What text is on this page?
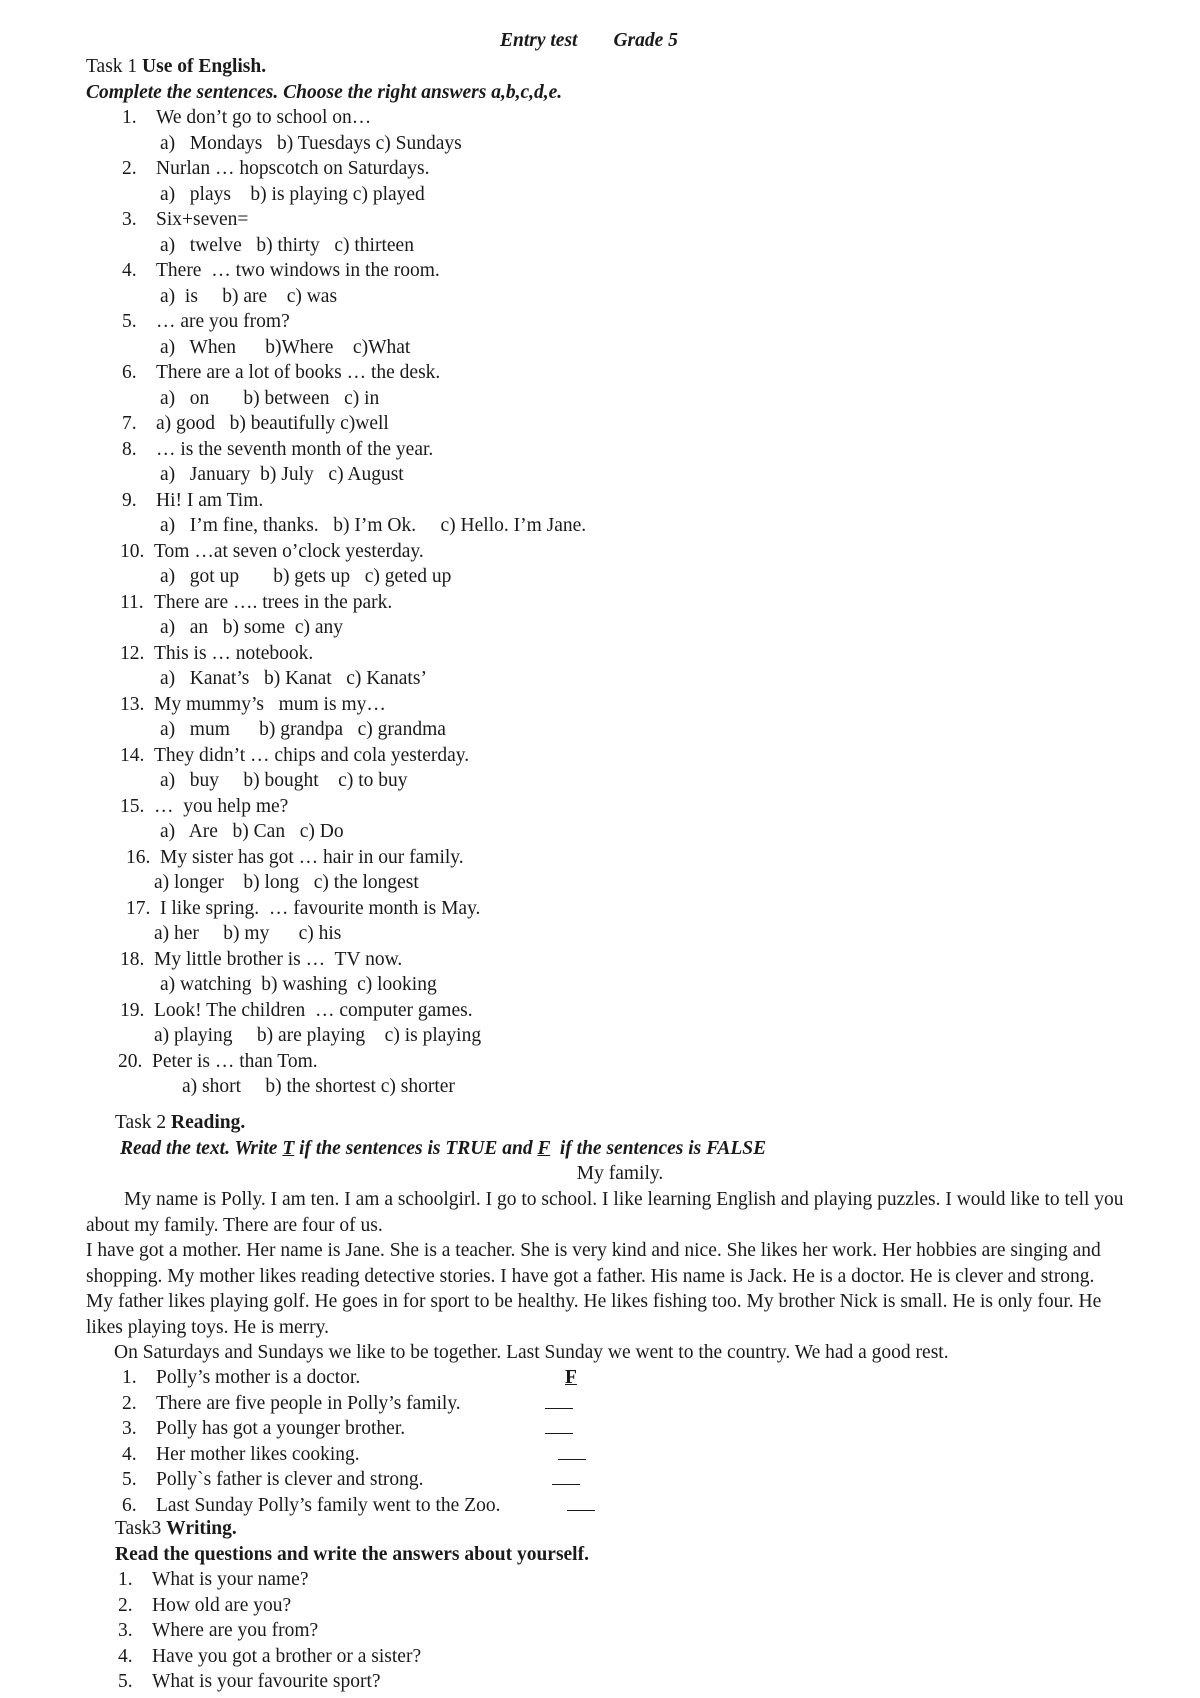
Entry test Grade 5
Task 1 Use of English.
Complete the sentences. Choose the right answers a,b,c,d,e.
1. We don’t go to school on…
a)   Mondays   b) Tuesdays c) Sundays
2. Nurlan … hopscotch on Saturdays.
a)   plays    b) is playing c) played
3. Six+seven=
a)   twelve   b) thirty   c) thirteen
4. There  … two windows in the room.
a)  is     b) are    c) was
5. … are you from?
a)   When      b)Where    c)What
6. There are a lot of books … the desk.
a)   on       b) between   c) in
7. a) good   b) beautifully c)well
8. … is the seventh month of the year.
a)   January  b) July   c) August
9. Hi! I am Tim.
a)   I’m fine, thanks.   b) I’m Ok.     c) Hello. I’m Jane.
10. Tom …at seven o’clock yesterday.
a)   got up       b) gets up   c) geted up
11. There are …. trees in the park.
a)   an   b) some  c) any
12. This is … notebook.
a)   Kanat’s   b) Kanat   c) Kanats’
13. My mummy’s   mum is my…
a)   mum      b) grandpa   c) grandma
14. They didn’t … chips and cola yesterday.
a)   buy     b) bought    c) to buy
15. …  you help me?
a)   Are   b) Can   c) Do
16. My sister has got … hair in our family.
a) longer    b) long   c) the longest
17. I like spring.  … favourite month is May.
a) her     b) my      c) his
18. My little brother is …  TV now.
a) watching  b) washing  c) looking
19. Look! The children  … computer games.
a) playing     b) are playing    c) is playing
20. Peter is … than Tom.
a) short     b) the shortest c) shorter
Task 2 Reading.
Read the text. Write T if the sentences is TRUE and F  if the sentences is FALSE
My family.
My name is Polly. I am ten. I am a schoolgirl. I go to school. I like learning English and playing puzzles. I would like to tell you about my family. There are four of us.
I have got a mother. Her name is Jane. She is a teacher. She is very kind and nice. She likes her work. Her hobbies are singing and shopping. My mother likes reading detective stories. I have got a father. His name is Jack. He is a doctor. He is clever and strong. My father likes playing golf. He goes in for sport to be healthy. He likes fishing too. My brother Nick is small. He is only four. He likes playing toys. He is merry.
On Saturdays and Sundays we like to be together. Last Sunday we went to the country. We had a good rest.
1. Polly’s mother is a doctor.	F
2. There are five people in Polly’s family.
3. Polly has got a younger brother.
4. Her mother likes cooking.
5. Polly`s father is clever and strong.
6. Last Sunday Polly’s family went to the Zoo.
Task3 Writing.
Read the questions and write the answers about yourself.
1. What is your name?
2. How old are you?
3. Where are you from?
4. Have you got a brother or a sister?
5. What is your favourite sport?
